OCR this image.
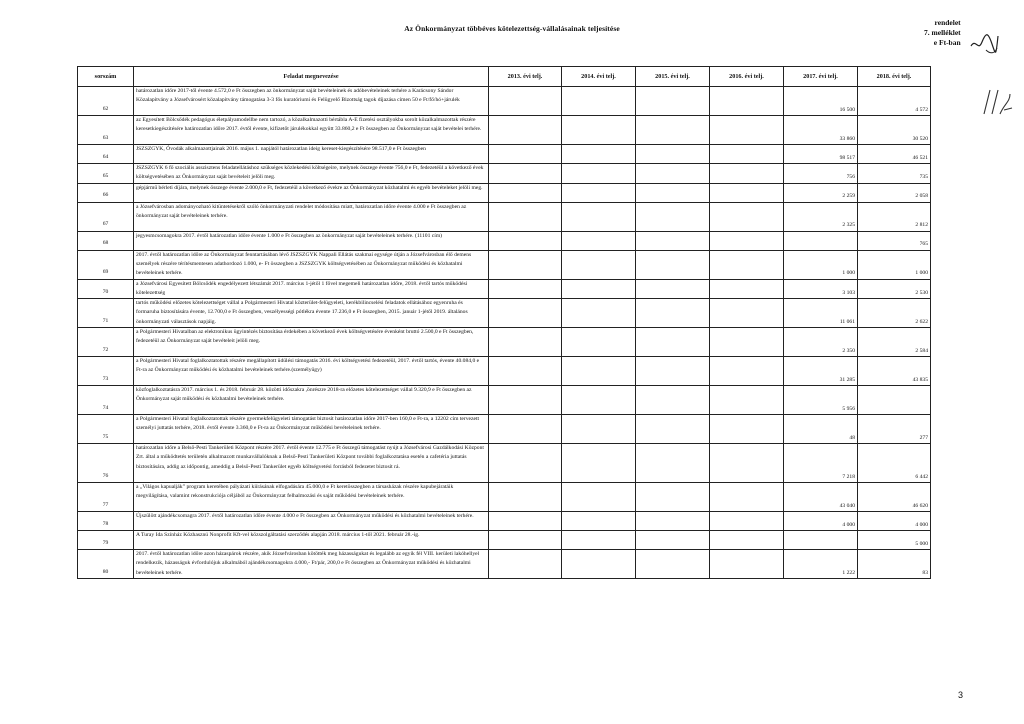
Az Önkormányzat többéves kötelezettség-vállalásainak teljesítése
rendelet
7. melléklet
e Ft-ban
sorszám	Feladat megnevezése	2013. évi telj.	2014. évi telj.	2015. évi telj.	2016. évi telj.	2017. évi telj.	2018. évi telj.
62	határozatlan időre 2017-től évente 4.572,0 e Ft összegben az önkormányzat saját bevételeinek és adóbevételeinek terhére a Karácsony Sándor Közalapítvány a Józsefvárosért közalapítvány támogatása 3-3 fős kuratóriumi és Felügyelő Bizottság tagok díjazása címen 50 e Ft/fő/hó+járulék					16 500	4 572
63	az Egyesített Bölcsődék pedagógus életpályamodellbe nem tartozó, a közalkalmazotti bértábla A-E fizetési osztályokba sorolt közalkalmazottak részére keresetkiegészítésére határozatlan időre 2017. évtől évente, kifizetőt járulékokkal együtt 33.860,2 e Ft összegben az Önkormányzat saját bevételei terhére.					33 860	30 520
64	JSZSZGYK, Óvodák alkalmazottjainak 2016. május 1. napjától határozatlan ideig kereset-kiegészítésére 98.517,0 e Ft összegben					98 517	46 521
65	JSZSZGYK 6 fő szociális asszisztens feladatellátáshoz szükséges közlekedési költségeire, melynek összege évente 756,0 e Ft, fedezetéül a következő évek költségvetésében az Önkormányzat saját bevételeit jelöli meg.					756	735
66	gépjármű bérleti díjára, melynek összege évente 2.000,0 e Ft, fedezetéül a következő évekre az Önkormányzat közhatalmi és egyéb bevételeket jelöli meg.					2 259	2 058
67	a Józsefvárosban adományozható kitüntetésekről szóló önkormányzati rendelet módosítása miatt, határozatlan időre évente 4.000 e Ft összegben az önkormányzat saját bevételeinek terhére.					2 325	2 812
68	jegyesmcsomagokra 2017. évtől határozatlan időre évente 1.000 e Ft összegben az önkormányzat saját bevételeinek terhére. (11101 cím)						765
69	2017. évtől határozatlan időre az Önkormányzat fenntartásában lévő JSZSZGYK Nappali Ellátás szakmai egysége útján a Józsefvárosban élő demens személyek részére térítésmentesen adathordozó 1.000, e- Ft összegben a JSZSZGYK költségvetésében az Önkormányzat működési és közhatalmi bevételeinek terhére.					1 000	1 000
70	a Józsefvárosi Egyesített Bölcsődék engedélyezett létszámát 2017. március 1-jétől 1 fővel megemeli határozatlan időre, 2018. évtől tartós működési kötelezettség					3 103	2 530
71	tartós működési előzetes kötelezettséget vállal a Polgármesteri Hivatal közterület-felügyeleti, kerékbilincselési feladatok ellátásához egyenruha és formaruha biztosítására évente, 12.700,0 e Ft összegben, veszélyességi pótlékra évente 17.236,0 e Ft összegben, 2015. január 1-jétől 2019. általános önkormányzati választások napjáig.					11 061	2 622
72	a Polgármesteri Hivatalban az elektronikus ügyintézés biztosítása érdekében a következő évek költségvetésére évenként bruttó 2.500,0 e Ft összegben, fedezetéül az Önkormányzat saját bevételeit jelöli meg.					2 350	2 584
73	a Polgármesteri Hivatal foglalkoztatottak részére megállapított üdülési támogatás 2016. évi költségvetési fedezetéül, 2017. évtől tartós, évente 40.084,0 e Ft-ra az Önkormányzat működési és közhatalmi bevételeinek terhére.(személyügy)					31 285	43 835
74	közfoglalkoztatásra 2017. március 1. és 2018. február 28. közötti időszakra ,önrészre 2018-ra előzetes kötelezettséget vállal 9.320,9 e Ft összegben az Önkormányzat saját működési és közhatalmi bevételeinek terhére.					5 956	
75	a Polgármesteri Hivatal foglalkoztatottak részére gyermekfelügyeleti támogatást biztosít határozatlan időre 2017-ben 160,0 e Ft-ra, a 12202 cím tervezett személyi juttatás terhére, 2018. évtől évente 3.360,0 e Ft-ra az Önkormányzat működési bevételeinek terhére.					48	277
76	határozatlan időre a Belső-Pesti Tankerületi Központ részére 2017. évtől évente 12.775 e Ft összegű támogatást nyújt a Józsefvárosi Gazdálkodási Központ Zrt. által a működtetés területén alkalmazott munkavállalóknak a Belső-Pesti Tankerületi Központ további foglalkoztatása esetén a cafetéria juttatás biztosítására, addig az időpontig, ameddig a Belső-Pesti Tankerület egyéb költségvetési forrásból fedezetet biztosít rá.					7 218	6 442
77	a „Világos kapualják” program keretében pályázati kiírásának elfogadására 45.000,0 e Ft keretösszegben a társasházak részére kapubejáratáik megvilágítása, valamint rekonstrukciója céljából az Önkormányzat felhalmozási és saját működési bevételeinek terhére.					43 040	46 620
78	Újszülött ajándékcsomagra 2017. évtől határozatlan időre évente 4.000 e Ft összegben az Önkormányzat működési és közhatalmi bevételeinek terhére.					4 000	4 000
79	A Turay Ida Színház Közhasznú Nonprofit Kft-vel közszolgáltatási szerződés alapján 2018. március 1-től 2021. február 28.-ig.						5 000
80	2017. évtől határozatlan időre azon házaspárok részére, akik Józsefvárosban kötötték meg házasságukat és legalább az egyik fél VIII. kerületi lakóhellyel rendelkezik, házasságuk évfordulójuk alkalmából ajándékcsomagokra 4.000,- Ft/pár, 200,0 e Ft összegben az Önkormányzat működési és közhatalmi bevételeinek terhére.					1 222	83
3
